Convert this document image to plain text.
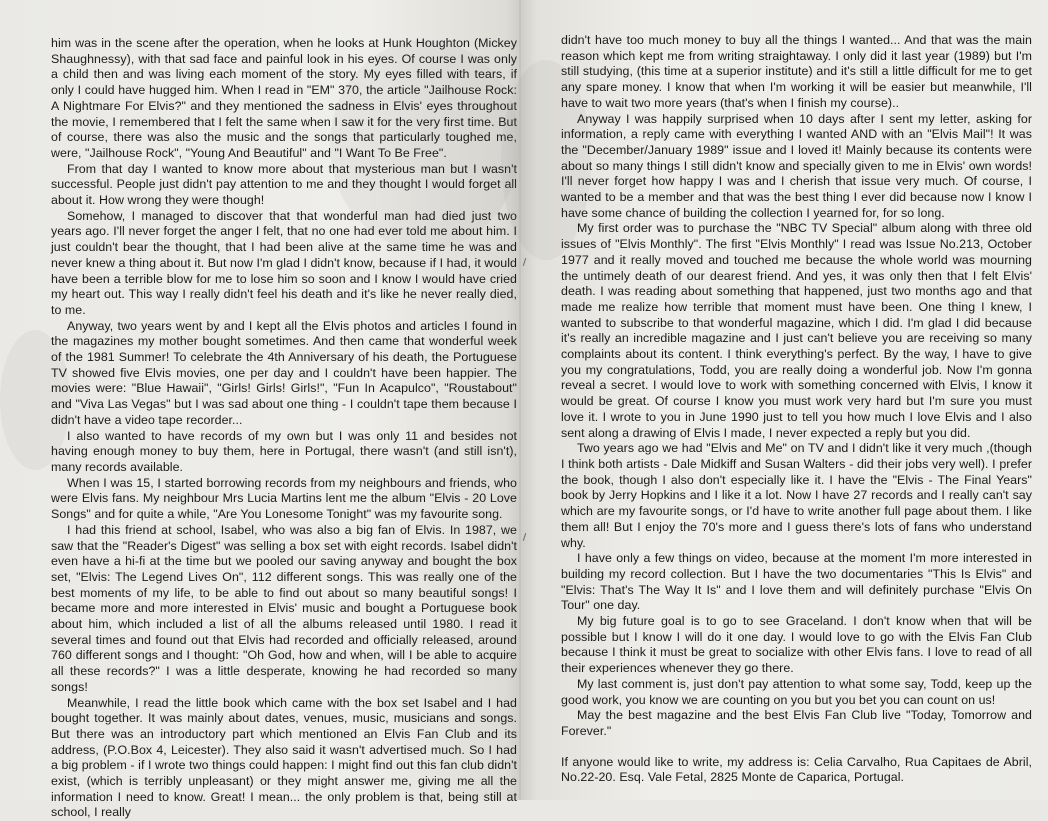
him was in the scene after the operation, when he looks at Hunk Houghton (Mickey Shaughnessy), with that sad face and painful look in his eyes. Of course I was only a child then and was living each moment of the story. My eyes filled with tears, if only I could have hugged him. When I read in "EM" 370, the article "Jailhouse Rock: A Nightmare For Elvis?" and they mentioned the sadness in Elvis' eyes throughout the movie, I remembered that I felt the same when I saw it for the very first time. But of course, there was also the music and the songs that particularly toughed me, were, "Jailhouse Rock", "Young And Beautiful" and "I Want To Be Free".

From that day I wanted to know more about that mysterious man but I wasn't successful. People just didn't pay attention to me and they thought I would forget all about it. How wrong they were though!

Somehow, I managed to discover that that wonderful man had died just two years ago. I'll never forget the anger I felt, that no one had ever told me about him. I just couldn't bear the thought, that I had been alive at the same time he was and never knew a thing about it. But now I'm glad I didn't know, because if I had, it would have been a terrible blow for me to lose him so soon and I know I would have cried my heart out. This way I really didn't feel his death and it's like he never really died, to me.

Anyway, two years went by and I kept all the Elvis photos and articles I found in the magazines my mother bought sometimes. And then came that wonderful week of the 1981 Summer! To celebrate the 4th Anniversary of his death, the Portuguese TV showed five Elvis movies, one per day and I couldn't have been happier. The movies were: "Blue Hawaii", "Girls! Girls! Girls!", "Fun In Acapulco", "Roustabout" and "Viva Las Vegas" but I was sad about one thing - I couldn't tape them because I didn't have a video tape recorder...

I also wanted to have records of my own but I was only 11 and besides not having enough money to buy them, here in Portugal, there wasn't (and still isn't), many records available.

When I was 15, I started borrowing records from my neighbours and friends, who were Elvis fans. My neighbour Mrs Lucia Martins lent me the album "Elvis - 20 Love Songs" and for quite a while, "Are You Lonesome Tonight" was my favourite song.

I had this friend at school, Isabel, who was also a big fan of Elvis. In 1987, we saw that the "Reader's Digest" was selling a box set with eight records. Isabel didn't even have a hi-fi at the time but we pooled our saving anyway and bought the box set, "Elvis: The Legend Lives On", 112 different songs. This was really one of the best moments of my life, to be able to find out about so many beautiful songs! I became more and more interested in Elvis' music and bought a Portuguese book about him, which included a list of all the albums released until 1980. I read it several times and found out that Elvis had recorded and officially released, around 760 different songs and I thought: "Oh God, how and when, will I be able to acquire all these records?" I was a little desperate, knowing he had recorded so many songs!

Meanwhile, I read the little book which came with the box set Isabel and I had bought together. It was mainly about dates, venues, music, musicians and songs. But there was an introductory part which mentioned an Elvis Fan Club and its address, (P.O.Box 4, Leicester). They also said it wasn't advertised much. So I had a big problem - if I wrote two things could happen: I might find out this fan club didn't exist, (which is terribly unpleasant) or they might answer me, giving me all the information I need to know. Great! I mean... the only problem is that, being still at school, I really

didn't have too much money to buy all the things I wanted... And that was the main reason which kept me from writing straightaway. I only did it last year (1989) but I'm still studying, (this time at a superior institute) and it's still a little difficult for me to get any spare money. I know that when I'm working it will be easier but meanwhile, I'll have to wait two more years (that's when I finish my course)..

Anyway I was happily surprised when 10 days after I sent my letter, asking for information, a reply came with everything I wanted AND with an "Elvis Mail"! It was the "December/January 1989" issue and I loved it! Mainly because its contents were about so many things I still didn't know and specially given to me in Elvis' own words! I'll never forget how happy I was and I cherish that issue very much. Of course, I wanted to be a member and that was the best thing I ever did because now I know I have some chance of building the collection I yearned for, for so long.

My first order was to purchase the "NBC TV Special" album along with three old issues of "Elvis Monthly". The first "Elvis Monthly" I read was Issue No.213, October 1977 and it really moved and touched me because the whole world was mourning the untimely death of our dearest friend. And yes, it was only then that I felt Elvis' death. I was reading about something that happened, just two months ago and that made me realize how terrible that moment must have been. One thing I knew, I wanted to subscribe to that wonderful magazine, which I did. I'm glad I did because it's really an incredible magazine and I just can't believe you are receiving so many complaints about its content. I think everything's perfect. By the way, I have to give you my congratulations, Todd, you are really doing a wonderful job. Now I'm gonna reveal a secret. I would love to work with something concerned with Elvis, I know it would be great. Of course I know you must work very hard but I'm sure you must love it. I wrote to you in June 1990 just to tell you how much I love Elvis and I also sent along a drawing of Elvis I made, I never expected a reply but you did.

Two years ago we had "Elvis and Me" on TV and I didn't like it very much ,(though I think both artists - Dale Midkiff and Susan Walters - did their jobs very well). I prefer the book, though I also don't especially like it. I have the "Elvis - The Final Years" book by Jerry Hopkins and I like it a lot. Now I have 27 records and I really can't say which are my favourite songs, or I'd have to write another full page about them. I like them all! But I enjoy the 70's more and I guess there's lots of fans who understand why.

I have only a few things on video, because at the moment I'm more interested in building my record collection. But I have the two documentaries "This Is Elvis" and "Elvis: That's The Way It Is" and I love them and will definitely purchase "Elvis On Tour" one day.

My big future goal is to go to see Graceland. I don't know when that will be possible but I know I will do it one day. I would love to go with the Elvis Fan Club because I think it must be great to socialize with other Elvis fans. I love to read of all their experiences whenever they go there.

My last comment is, just don't pay attention to what some say, Todd, keep up the good work, you know we are counting on you but you bet you can count on us!

May the best magazine and the best Elvis Fan Club live "Today, Tomorrow and Forever."

If anyone would like to write, my address is: Celia Carvalho, Rua Capitaes de Abril, No.22-20. Esq. Vale Fetal, 2825 Monte de Caparica, Portugal.
